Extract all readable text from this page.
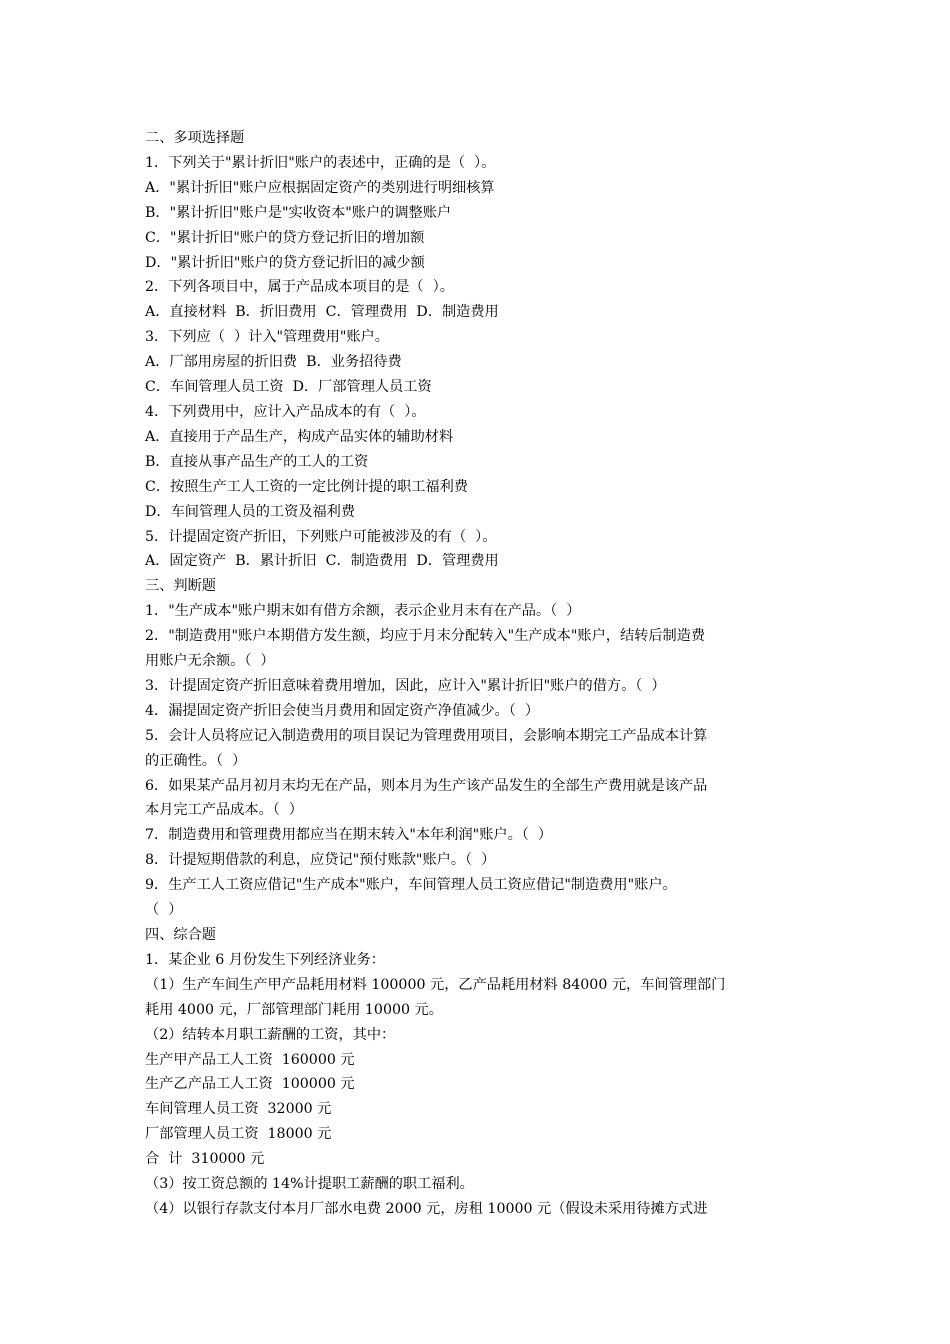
二、多项选择题
1．下列关于"累计折旧"账户的表述中，正确的是（  ）。
A．"累计折旧"账户应根据固定资产的类别进行明细核算
B．"累计折旧"账户是"实收资本"账户的调整账户
C．"累计折旧"账户的贷方登记折旧的增加额
D．"累计折旧"账户的贷方登记折旧的减少额
2．下列各项目中，属于产品成本项目的是（  ）。
A．直接材料  B．折旧费用  C．管理费用  D．制造费用
3．下列应（  ）计入"管理费用"账户。
A．厂部用房屋的折旧费  B．业务招待费
C．车间管理人员工资  D．厂部管理人员工资
4．下列费用中，应计入产品成本的有（  ）。
A．直接用于产品生产，构成产品实体的辅助材料
B．直接从事产品生产的工人的工资
C．按照生产工人工资的一定比例计提的职工福利费
D．车间管理人员的工资及福利费
5．计提固定资产折旧，下列账户可能被涉及的有（  ）。
A．固定资产  B．累计折旧  C．制造费用  D．管理费用
三、判断题
1．"生产成本"账户期末如有借方余额，表示企业月末有在产品。（  ）
2．"制造费用"账户本期借方发生额，均应于月末分配转入"生产成本"账户，结转后制造费
用账户无余额。（  ）
3．计提固定资产折旧意味着费用增加，因此，应计入"累计折旧"账户的借方。（  ）
4．漏提固定资产折旧会使当月费用和固定资产净值减少。（  ）
5．会计人员将应记入制造费用的项目误记为管理费用项目，会影响本期完工产品成本计算
的正确性。（  ）
6．如果某产品月初月末均无在产品，则本月为生产该产品发生的全部生产费用就是该产品
本月完工产品成本。（  ）
7．制造费用和管理费用都应当在期末转入"本年利润"账户。（  ）
8．计提短期借款的利息，应贷记"预付账款"账户。（  ）
9．生产工人工资应借记"生产成本"账户，车间管理人员工资应借记"制造费用"账户。
（  ）
四、综合题
1．某企业 6 月份发生下列经济业务：
（1）生产车间生产甲产品耗用材料 100000 元，乙产品耗用材料 84000 元，车间管理部门
耗用 4000 元，厂部管理部门耗用 10000 元。
（2）结转本月职工薪酬的工资，其中：
生产甲产品工人工资  160000 元
生产乙产品工人工资  100000 元
车间管理人员工资  32000 元
厂部管理人员工资  18000 元
合  计  310000 元
（3）按工资总额的 14%计提职工薪酬的职工福利。
（4）以银行存款支付本月厂部水电费 2000 元，房租 10000 元（假设未采用待摊方式进
